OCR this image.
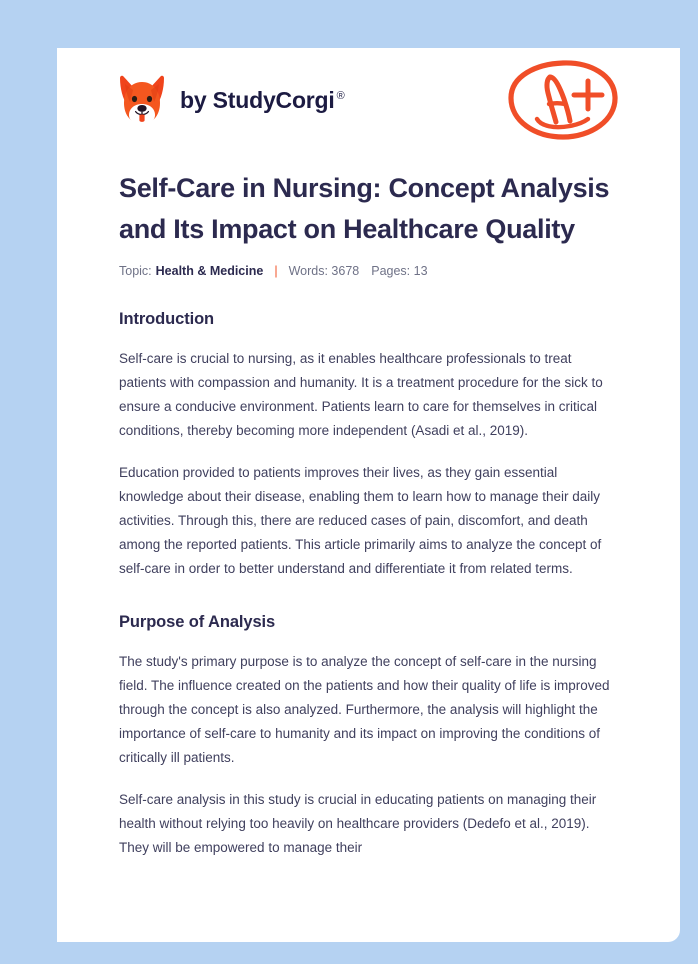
by StudyCorgi ®
Self-Care in Nursing: Concept Analysis and Its Impact on Healthcare Quality
Topic: Health & Medicine | Words: 3678 Pages: 13
Introduction

Self-care is crucial to nursing, as it enables healthcare professionals to treat patients with compassion and humanity. It is a treatment procedure for the sick to ensure a conducive environment. Patients learn to care for themselves in critical conditions, thereby becoming more independent (Asadi et al., 2019).

Education provided to patients improves their lives, as they gain essential knowledge about their disease, enabling them to learn how to manage their daily activities. Through this, there are reduced cases of pain, discomfort, and death among the reported patients. This article primarily aims to analyze the concept of self-care in order to better understand and differentiate it from related terms.

Purpose of Analysis

The study's primary purpose is to analyze the concept of self-care in the nursing field. The influence created on the patients and how their quality of life is improved through the concept is also analyzed. Furthermore, the analysis will highlight the importance of self-care to humanity and its impact on improving the conditions of critically ill patients.

Self-care analysis in this study is crucial in educating patients on managing their health without relying too heavily on healthcare providers (Dedefo et al., 2019). They will be empowered to manage their
